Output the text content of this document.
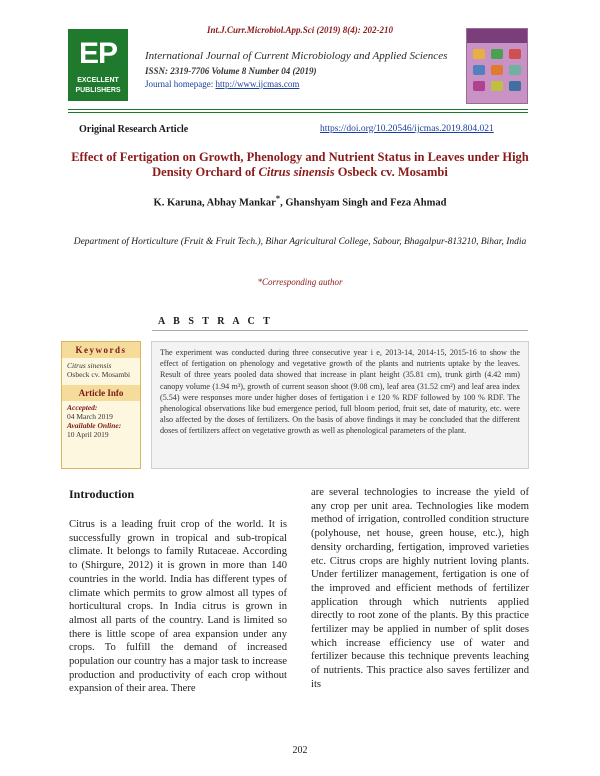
Int.J.Curr.Microbiol.App.Sci (2019) 8(4): 202-210
EP
EXCELLENT
PUBLISHERS
International Journal of Current Microbiology and Applied Sciences
ISSN: 2319-7706 Volume 8 Number 04 (2019)
Journal homepage: http://www.ijcmas.com
Original Research Article	https://doi.org/10.20546/ijcmas.2019.804.021
Effect of Fertigation on Growth, Phenology and Nutrient Status in Leaves under High Density Orchard of Citrus sinensis Osbeck cv. Mosambi
K. Karuna, Abhay Mankar*, Ghanshyam Singh and Feza Ahmad
Department of Horticulture (Fruit & Fruit Tech.), Bihar Agricultural College, Sabour, Bhagalpur-813210, Bihar, India
*Corresponding author
A B S T R A C T
Keywords
Citrus sinensis
Osbeck cv. Mosambi
Article Info
Accepted:
04 March 2019
Available Online:
10 April 2019
The experiment was conducted during three consecutive year i e, 2013-14, 2014-15, 2015-16 to show the effect of fertigation on phenology and vegetative growth of the plants and nutrients uptake by the leaves. Result of three years pooled data showed that increase in plant height (35.81 cm), trunk girth (4.42 mm) canopy volume (1.94 m³), growth of current season shoot (9.08 cm), leaf area (31.52 cm²) and leaf area index (5.54) were responses more under higher doses of fertigation i e 120 % RDF followed by 100 % RDF. The phenological observations like bud emergence period, full bloom period, fruit set, date of maturity, etc. were also affected by the doses of fertilizers. On the basis of above findings it may be concluded that the different doses of fertilizers affect on vegetative growth as well as phenological parameters of the plant.
Introduction
Citrus is a leading fruit crop of the world. It is successfully grown in tropical and sub-tropical climate. It belongs to family Rutaceae. According to (Shirgure, 2012) it is grown in more than 140 countries in the world. India has different types of climate which permits to grow almost all types of horticultural crops. In India citrus is grown in almost all parts of the country. Land is limited so there is little scope of area expansion under any crops. To fulfill the demand of increased population our country has a major task to increase production and productivity of each crop without expansion of their area. There
are several technologies to increase the yield of any crop per unit area. Technologies like modem method of irrigation, controlled condition structure (polyhouse, net house, green house, etc.), high density orcharding, fertigation, improved varieties etc. Citrus crops are highly nutrient loving plants. Under fertilizer management, fertigation is one of the improved and efficient methods of fertilizer application through which nutrients applied directly to root zone of the plants. By this practice fertilizer may be applied in number of split doses which increase efficiency use of water and fertilizer because this technique prevents leaching of nutrients. This practice also saves fertilizer and its
202
